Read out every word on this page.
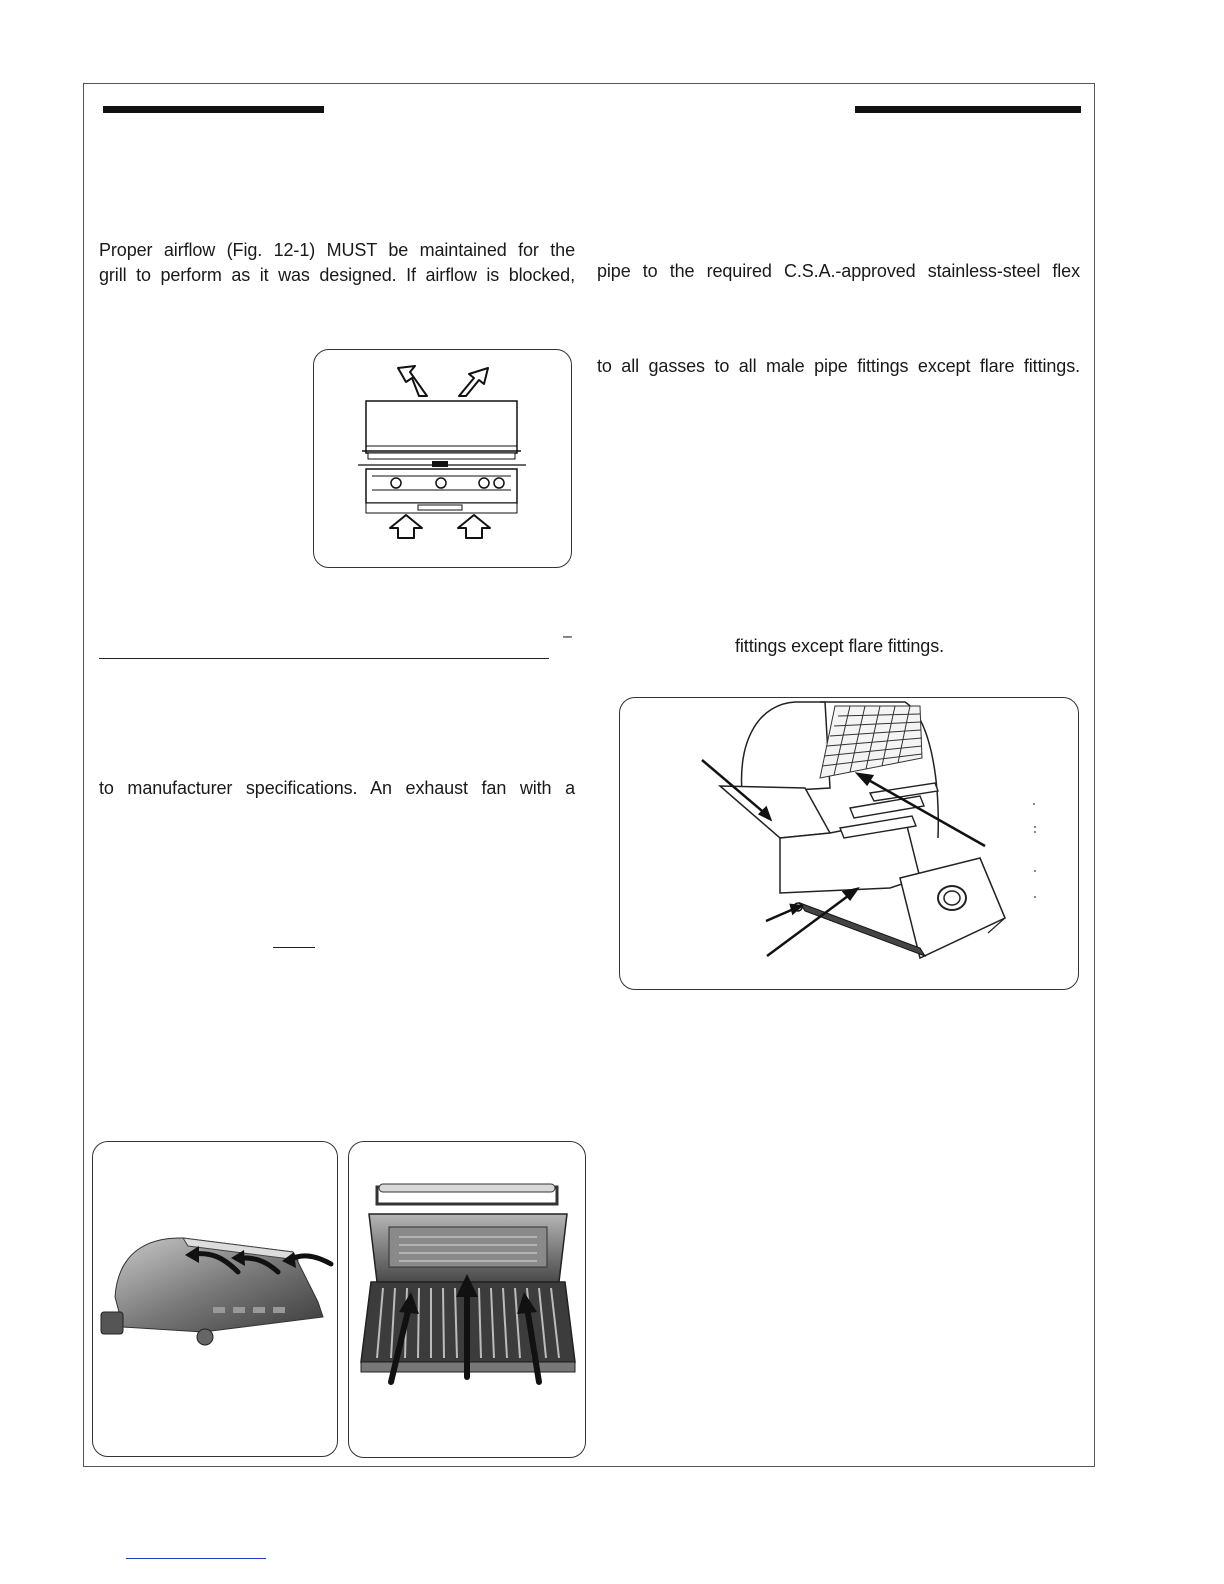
Proper airflow (Fig. 12-1) MUST be maintained for the
grill to perform as it was designed. If airflow is blocked, pipe to the required C.S.A.-approved stainless-steel flex
to all gasses to all male pipe fittings except flare fittings.
–	fittings except flare fittings.
to manufacturer specifications. An exhaust fan with a
